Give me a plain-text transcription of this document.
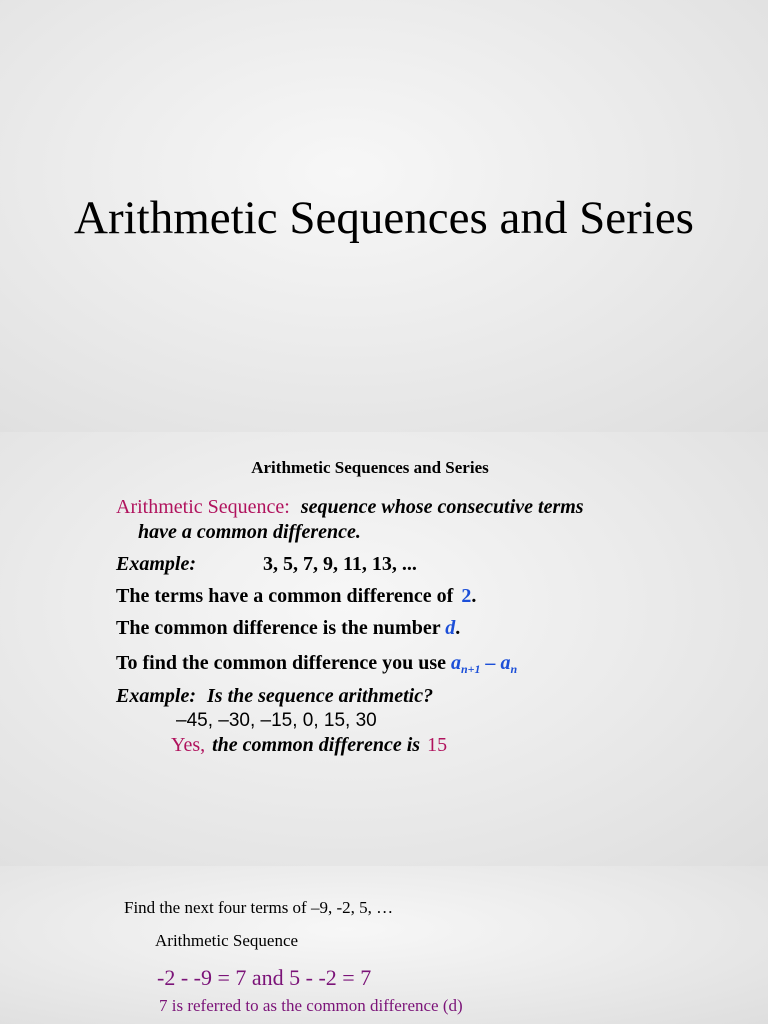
Arithmetic Sequences and Series
Arithmetic Sequences and Series
Arithmetic Sequence: sequence whose consecutive terms
have a common difference.
Example:	3, 5, 7, 9, 11, 13, ...
The terms have a common difference of 2.
The common difference is the number d.
To find the common difference you use $a_{n+1} - a_n$
Example: Is the sequence arithmetic?
–45, –30, –15, 0, 15, 30
Yes, the common difference is 15
Find the next four terms of –9, -2, 5, …
Arithmetic Sequence
-2 - -9 = 7 and 5 - -2 = 7
7 is referred to as the common difference (d)
